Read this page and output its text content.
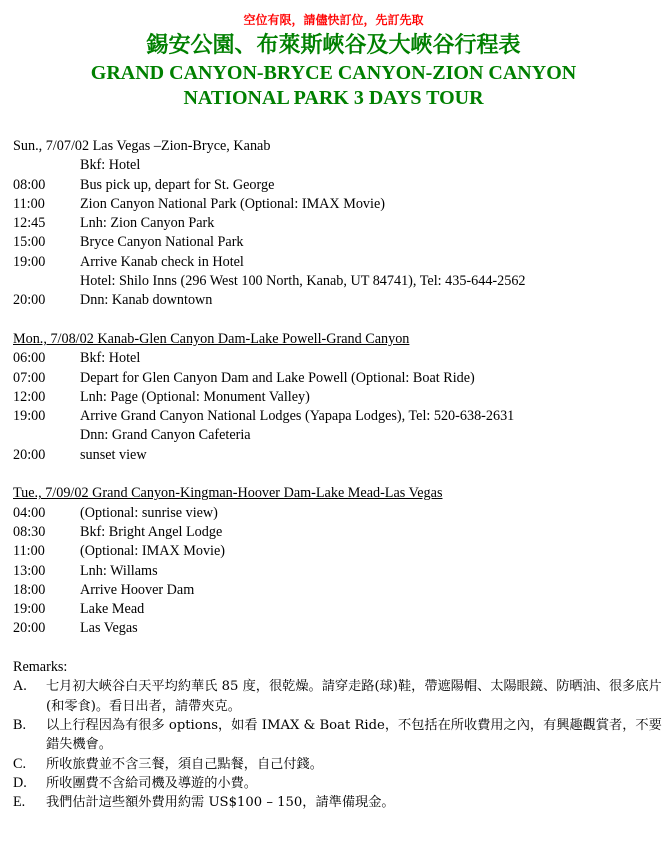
空位有限，請儘快訂位，先訂先取
錫安公園、布萊斯峽谷及大峽谷行程表
GRAND CANYON-BRYCE CANYON-ZION CANYON
NATIONAL PARK 3 DAYS TOUR
Sun., 7/07/02 Las Vegas –Zion-Bryce, Kanab
Bkf: Hotel
08:00	Bus pick up, depart for St. George
11:00	Zion Canyon National Park (Optional: IMAX Movie)
12:45	Lnh: Zion Canyon Park
15:00	Bryce Canyon National Park
19:00	Arrive Kanab check in Hotel
Hotel: Shilo Inns (296 West 100 North, Kanab, UT 84741), Tel: 435-644-2562
20:00	Dnn: Kanab downtown
Mon., 7/08/02 Kanab-Glen Canyon Dam-Lake Powell-Grand Canyon
06:00	Bkf: Hotel
07:00	Depart for Glen Canyon Dam and Lake Powell (Optional: Boat Ride)
12:00	Lnh: Page (Optional: Monument Valley)
19:00	Arrive Grand Canyon National Lodges (Yapapa Lodges), Tel: 520-638-2631
Dnn: Grand Canyon Cafeteria
20:00	sunset view
Tue., 7/09/02 Grand Canyon-Kingman-Hoover Dam-Lake Mead-Las Vegas
04:00	(Optional: sunrise view)
08:30	Bkf: Bright Angel Lodge
11:00	(Optional: IMAX Movie)
13:00	Lnh: Willams
18:00	Arrive Hoover Dam
19:00	Lake Mead
20:00	Las Vegas
Remarks:
A.	七月初大峽谷白天平均約華氏 85 度，很乾燥。請穿走路(球)鞋，帶遮陽帽、太陽眼鏡、防晒油、很多底片(和零食)。看日出者，請帶夾克。
B.	以上行程因為有很多 options，如看 IMAX & Boat Ride，不包括在所收費用之內，有興趣觀賞者，不要錯失機會。
C.	所收旅費並不含三餐，須自己點餐，自己付錢。
D.	所收團費不含給司機及導遊的小費。
E.	我們估計這些額外費用約需 US$100 – 150，請準備現金。
